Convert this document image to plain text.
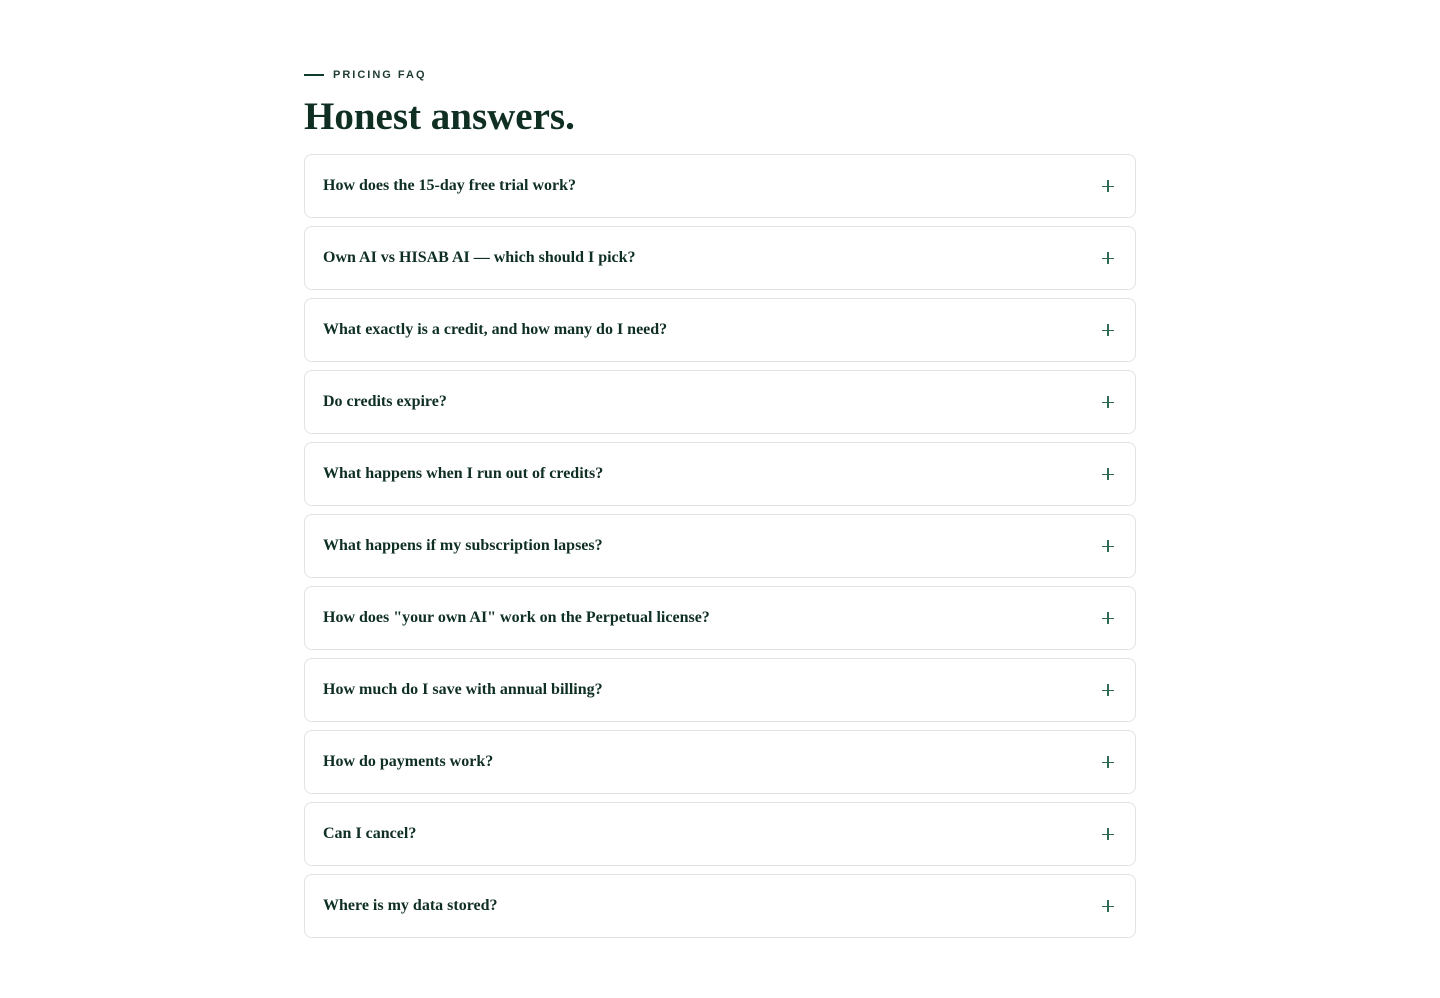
PRICING FAQ
Honest answers.
How does the 15-day free trial work?
Own AI vs HISAB AI — which should I pick?
What exactly is a credit, and how many do I need?
Do credits expire?
What happens when I run out of credits?
What happens if my subscription lapses?
How does "your own AI" work on the Perpetual license?
How much do I save with annual billing?
How do payments work?
Can I cancel?
Where is my data stored?
